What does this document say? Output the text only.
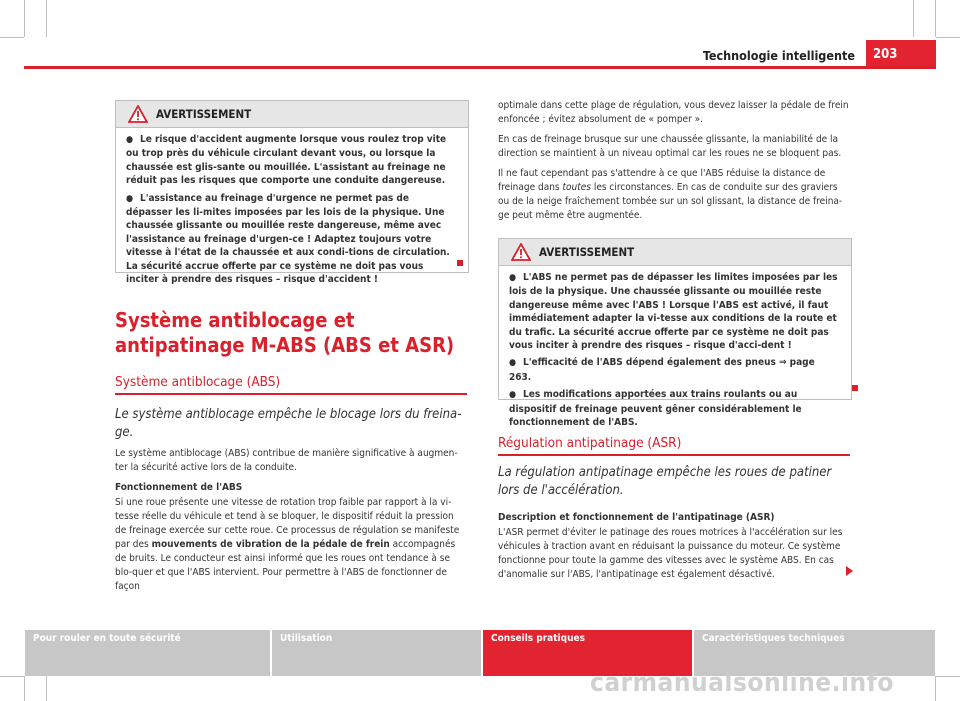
Technologie intelligente	203
AVERTISSEMENT

● Le risque d'accident augmente lorsque vous roulez trop vite ou trop près du véhicule circulant devant vous, ou lorsque la chaussée est glis-sante ou mouillée. L'assistant au freinage ne réduit pas les risques que comporte une conduite dangereuse.

● L'assistance au freinage d'urgence ne permet pas de dépasser les li-mites imposées par les lois de la physique. Une chaussée glissante ou mouillée reste dangereuse, même avec l'assistance au freinage d'urgen-ce ! Adaptez toujours votre vitesse à l'état de la chaussée et aux condi-tions de circulation. La sécurité accrue offerte par ce système ne doit pas vous inciter à prendre des risques – risque d'accident !

Système antiblocage et antipatinage M-ABS (ABS et ASR)
Système antiblocage (ABS)
Le système antiblocage empêche le blocage lors du freina-ge.

Le système antiblocage (ABS) contribue de manière significative à augmen-ter la sécurité active lors de la conduite.

Fonctionnement de l'ABS

Si une roue présente une vitesse de rotation trop faible par rapport à la vi-tesse réelle du véhicule et tend à se bloquer, le dispositif réduit la pression de freinage exercée sur cette roue. Ce processus de régulation se manifeste par des mouvements de vibration de la pédale de frein accompagnés de bruits. Le conducteur est ainsi informé que les roues ont tendance à se blo-quer et que l'ABS intervient. Pour permettre à l'ABS de fonctionner de façon

optimale dans cette plage de régulation, vous devez laisser la pédale de frein enfoncée ; évitez absolument de « pomper ».

En cas de freinage brusque sur une chaussée glissante, la maniabilité de la direction se maintient à un niveau optimal car les roues ne se bloquent pas.

Il ne faut cependant pas s'attendre à ce que l'ABS réduise la distance de freinage dans toutes les circonstances. En cas de conduite sur des graviers ou de la neige fraîchement tombée sur un sol glissant, la distance de freina-ge peut même être augmentée.

AVERTISSEMENT

● L'ABS ne permet pas de dépasser les limites imposées par les lois de la physique. Une chaussée glissante ou mouillée reste dangereuse même avec l'ABS ! Lorsque l'ABS est activé, il faut immédiatement adapter la vi-tesse aux conditions de la route et du trafic. La sécurité accrue offerte par ce système ne doit pas vous inciter à prendre des risques – risque d'acci-dent !

● L'efficacité de l'ABS dépend également des pneus ⇒ page 263.

● Les modifications apportées aux trains roulants ou au dispositif de freinage peuvent gêner considérablement le fonctionnement de l'ABS.

Régulation antipatinage (ASR)
La régulation antipatinage empêche les roues de patiner lors de l'accélération.
Description et fonctionnement de l'antipatinage (ASR)

L'ASR permet d'éviter le patinage des roues motrices à l'accélération sur les véhicules à traction avant en réduisant la puissance du moteur. Ce système fonctionne pour toute la gamme des vitesses avec le système ABS. En cas d'anomalie sur l'ABS, l'antipatinage est également désactivé.

Pour rouler en toute sécurité	Utilisation	Conseils pratiques	Caractéristiques techniques
carmanualsonline.info
